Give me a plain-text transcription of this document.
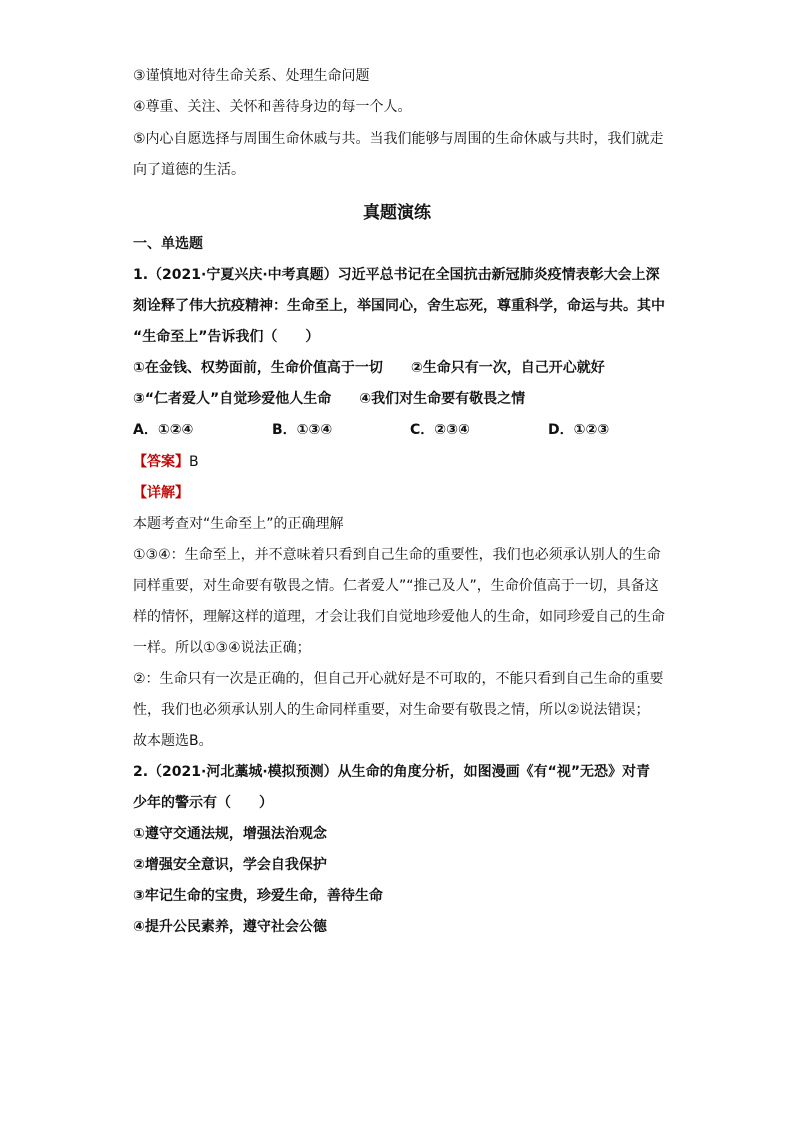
③谨慎地对待生命关系、处理生命问题
④尊重、关注、关怀和善待身边的每一个人。
⑤内心自愿选择与周围生命休戚与共。当我们能够与周围的生命休戚与共时，我们就走
向了道德的生活。
真题演练
一、单选题
1.（2021·宁夏兴庆·中考真题）习近平总书记在全国抗击新冠肺炎疫情表彰大会上深
刻诠释了伟大抗疫精神：生命至上，举国同心，舍生忘死，尊重科学，命运与共。其中
“生命至上”告诉我们（　　）
①在金钱、权势面前，生命价值高于一切　　②生命只有一次，自己开心就好
③“仁者爱人”自觉珍爱他人生命　　④我们对生命要有敬畏之情
A．①②④	B．①③④	C．②③④	D．①②③
【答案】B
【详解】
本题考查对“生命至上”的正确理解
①③④：生命至上，并不意味着只看到自己生命的重要性，我们也必须承认别人的生命
同样重要，对生命要有敬畏之情。仁者爱人”“推己及人”，生命价值高于一切，具备这
样的情怀，理解这样的道理，才会让我们自觉地珍爱他人的生命，如同珍爱自己的生命
一样。所以①③④说法正确；
②：生命只有一次是正确的，但自己开心就好是不可取的，不能只看到自己生命的重要
性，我们也必须承认别人的生命同样重要，对生命要有敬畏之情，所以②说法错误；
故本题选B。
2.（2021·河北藁城·模拟预测）从生命的角度分析，如图漫画《有“视”无恐》对青
少年的警示有（　　）
①遵守交通法规，增强法治观念
②增强安全意识，学会自我保护
③牢记生命的宝贵，珍爱生命，善待生命
④提升公民素养，遵守社会公德
